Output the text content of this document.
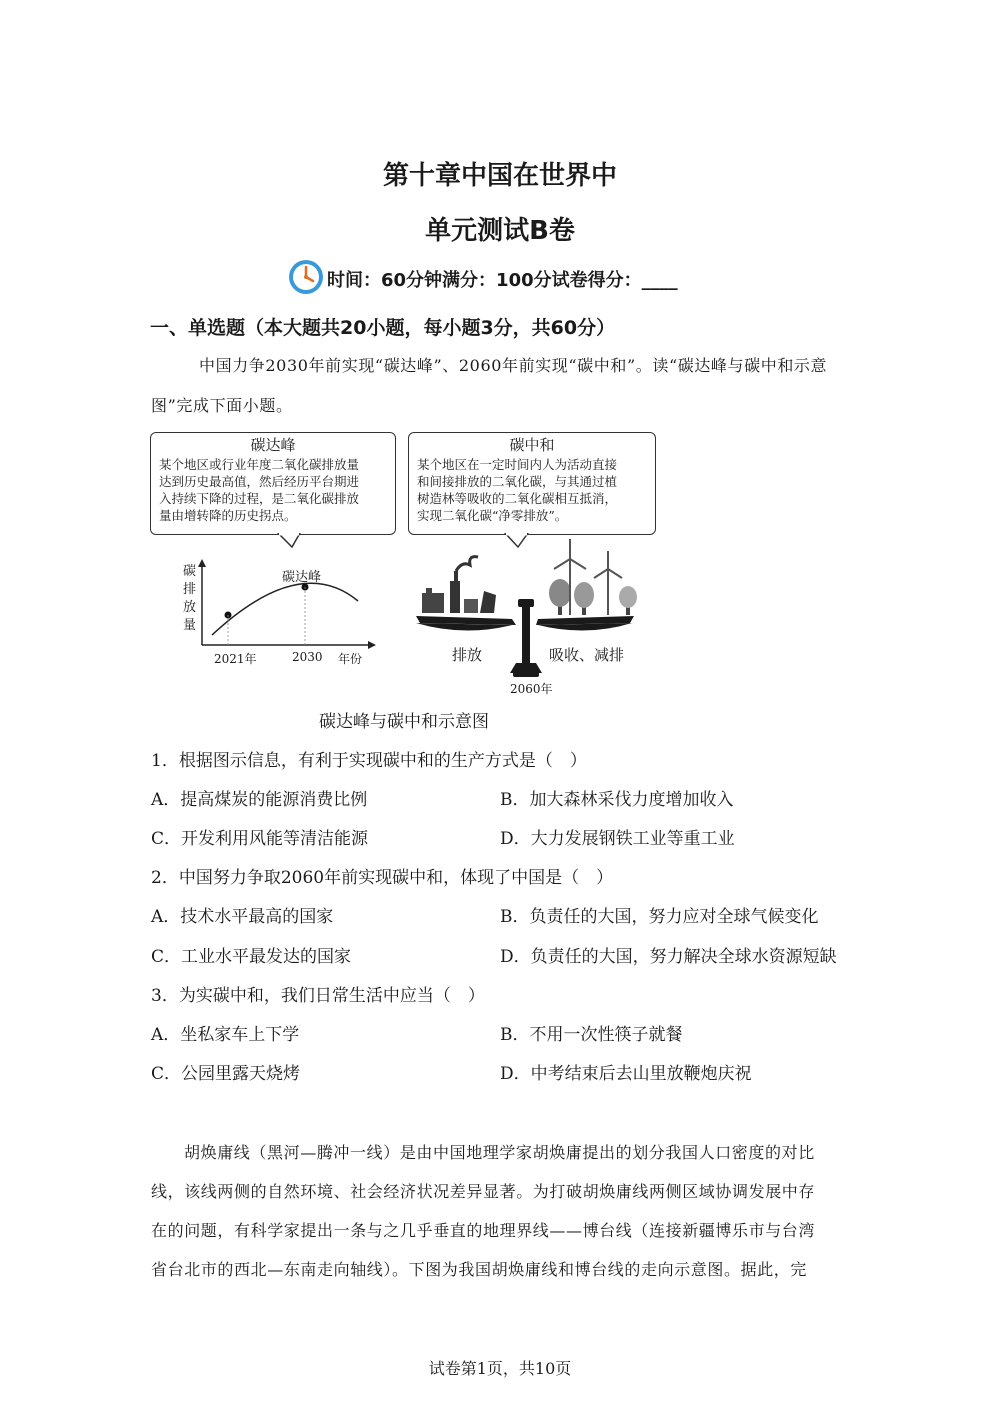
第十章中国在世界中
单元测试B卷
时间：60分钟满分：100分试卷得分：____
一、单选题（本大题共20小题，每小题3分，共60分）
中国力争2030年前实现“碳达峰”、2060年前实现“碳中和”。读“碳达峰与碳中和示意
图”完成下面小题。
碳达峰
某个地区或行业年度二氧化碳排放量
达到历史最高值，然后经历平台期进
入持续下降的过程，是二氧化碳排放
量由增转降的历史拐点。
碳中和
某个地区在一定时间内人为活动直接
和间接排放的二氧化碳，与其通过植
树造林等吸收的二氧化碳相互抵消，
实现二氧化碳“净零排放”。
碳
排
放
量
碳达峰
2021年	2030 年份	排放	吸收、减排
2060年
碳达峰与碳中和示意图
1．根据图示信息，有利于实现碳中和的生产方式是（　）
A．提高煤炭的能源消费比例	B．加大森林采伐力度增加收入
C．开发利用风能等清洁能源	D．大力发展钢铁工业等重工业
2．中国努力争取2060年前实现碳中和，体现了中国是（　）
A．技术水平最高的国家	B．负责任的大国，努力应对全球气候变化
C．工业水平最发达的国家	D．负责任的大国，努力解决全球水资源短缺
3．为实碳中和，我们日常生活中应当（　）
A．坐私家车上下学	B．不用一次性筷子就餐
C．公园里露天烧烤	D．中考结束后去山里放鞭炮庆祝
胡焕庸线（黑河—腾冲一线）是由中国地理学家胡焕庸提出的划分我国人口密度的对比
线，该线两侧的自然环境、社会经济状况差异显著。为打破胡焕庸线两侧区域协调发展中存
在的问题，有科学家提出一条与之几乎垂直的地理界线——博台线（连接新疆博乐市与台湾
省台北市的西北—东南走向轴线）。下图为我国胡焕庸线和博台线的走向示意图。据此，完
试卷第1页，共10页
